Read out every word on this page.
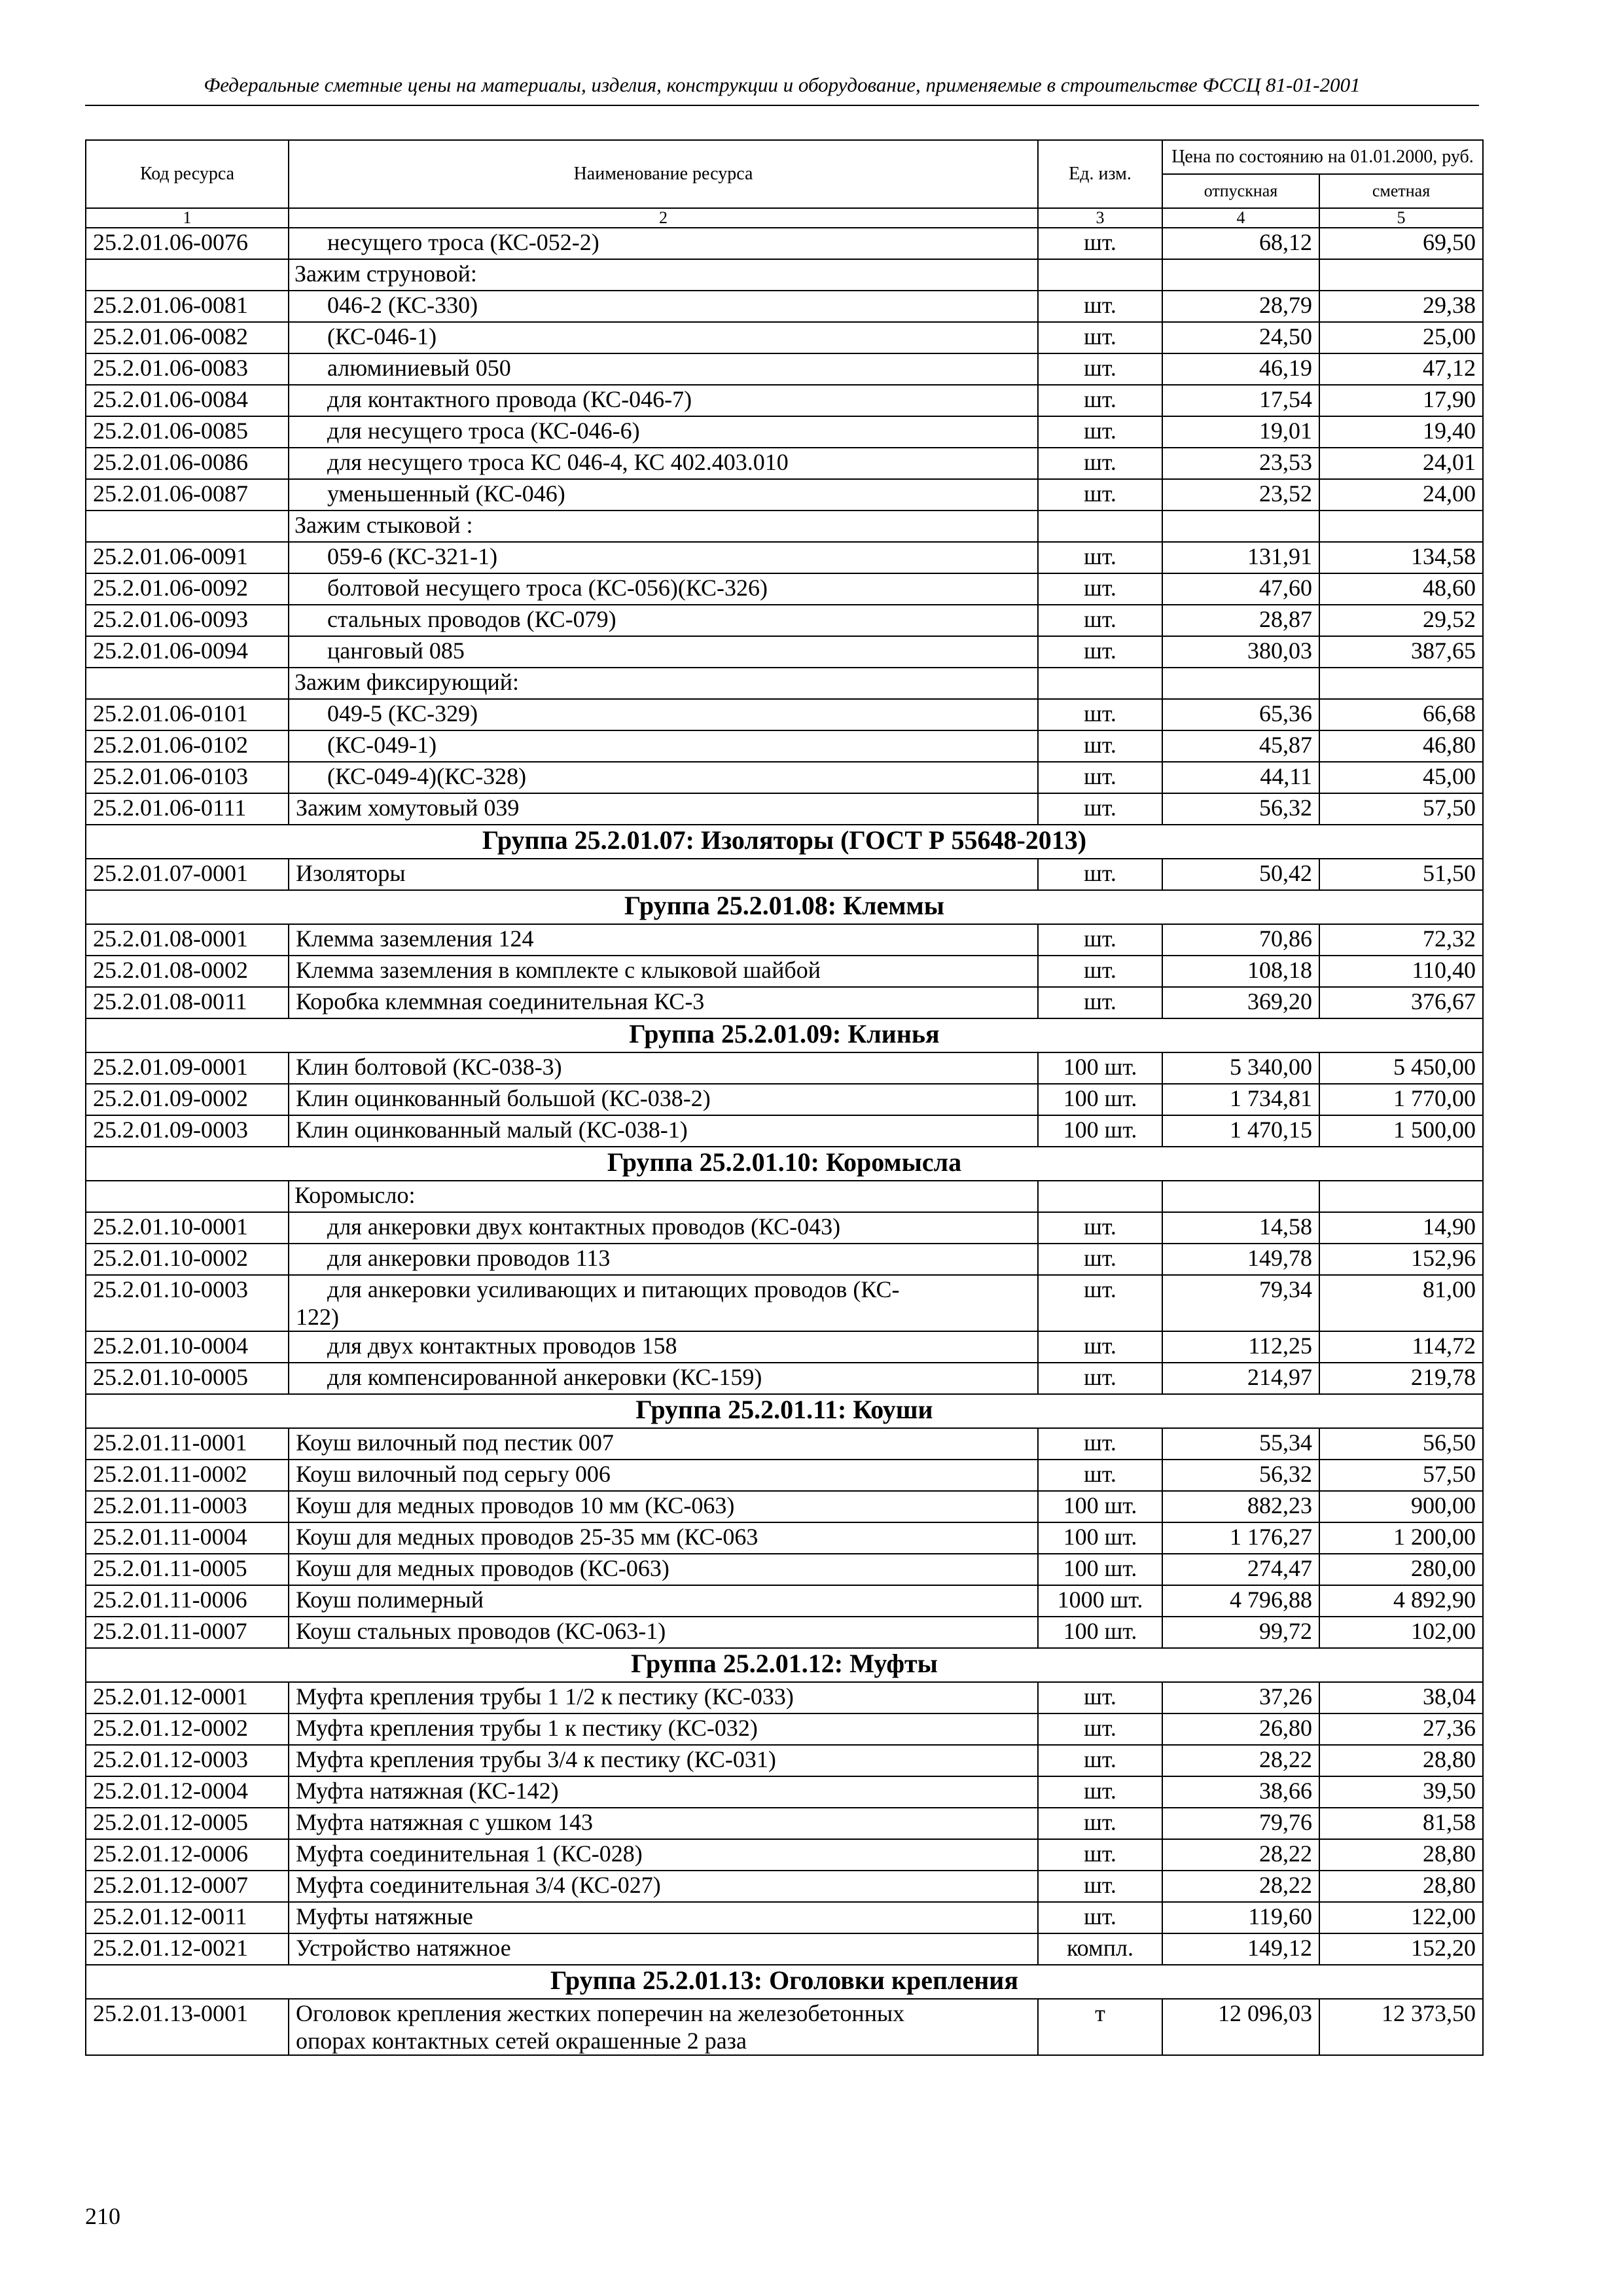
Федеральные сметные цены на материалы, изделия, конструкции и оборудование, применяемые в строительстве ФССЦ 81-01-2001
Код ресурса	Наименование ресурса	Ед. изм.	Цена по состоянию на 01.01.2000, руб.	
			отпускная	сметная
1	2	3	4	5
25.2.01.06-0076	несущего троса (КС-052-2)	шт.	68,12	69,50
	Зажим струновой:			
25.2.01.06-0081	046-2 (КС-330)	шт.	28,79	29,38
25.2.01.06-0082	(КС-046-1)	шт.	24,50	25,00
25.2.01.06-0083	алюминиевый 050	шт.	46,19	47,12
25.2.01.06-0084	для контактного провода (КС-046-7)	шт.	17,54	17,90
25.2.01.06-0085	для несущего троса (КС-046-6)	шт.	19,01	19,40
25.2.01.06-0086	для несущего троса КС 046-4, КС 402.403.010	шт.	23,53	24,01
25.2.01.06-0087	уменьшенный (КС-046)	шт.	23,52	24,00
	Зажим стыковой :			
25.2.01.06-0091	059-6 (КС-321-1)	шт.	131,91	134,58
25.2.01.06-0092	болтовой несущего троса (КС-056)(КС-326)	шт.	47,60	48,60
25.2.01.06-0093	стальных проводов (КС-079)	шт.	28,87	29,52
25.2.01.06-0094	цанговый 085	шт.	380,03	387,65
	Зажим фиксирующий:			
25.2.01.06-0101	049-5 (КС-329)	шт.	65,36	66,68
25.2.01.06-0102	(КС-049-1)	шт.	45,87	46,80
25.2.01.06-0103	(КС-049-4)(КС-328)	шт.	44,11	45,00
25.2.01.06-0111	Зажим хомутовый 039	шт.	56,32	57,50
Группа 25.2.01.07: Изоляторы (ГОСТ Р 55648-2013)				
25.2.01.07-0001	Изоляторы	шт.	50,42	51,50
Группа 25.2.01.08: Клеммы				
25.2.01.08-0001	Клемма заземления 124	шт.	70,86	72,32
25.2.01.08-0002	Клемма заземления в комплекте с клыковой шайбой	шт.	108,18	110,40
25.2.01.08-0011	Коробка клеммная соединительная КС-3	шт.	369,20	376,67
Группа 25.2.01.09: Клинья				
25.2.01.09-0001	Клин болтовой (КС-038-3)	100 шт.	5 340,00	5 450,00
25.2.01.09-0002	Клин оцинкованный большой (КС-038-2)	100 шт.	1 734,81	1 770,00
25.2.01.09-0003	Клин оцинкованный малый (КС-038-1)	100 шт.	1 470,15	1 500,00
Группа 25.2.01.10: Коромысла				
	Коромысло:			
25.2.01.10-0001	для анкеровки двух контактных проводов (КС-043)	шт.	14,58	14,90
25.2.01.10-0002	для анкеровки проводов 113	шт.	149,78	152,96
25.2.01.10-0003	для анкеровки усиливающих и питающих проводов (КС-
122)	шт.	79,34	81,00
25.2.01.10-0004	для двух контактных проводов 158	шт.	112,25	114,72
25.2.01.10-0005	для компенсированной анкеровки (КС-159)	шт.	214,97	219,78
Группа 25.2.01.11: Коуши				
25.2.01.11-0001	Коуш вилочный под пестик 007	шт.	55,34	56,50
25.2.01.11-0002	Коуш вилочный под серьгу 006	шт.	56,32	57,50
25.2.01.11-0003	Коуш для медных проводов 10 мм (КС-063)	100 шт.	882,23	900,00
25.2.01.11-0004	Коуш для медных проводов 25-35 мм (КС-063	100 шт.	1 176,27	1 200,00
25.2.01.11-0005	Коуш для медных проводов (КС-063)	100 шт.	274,47	280,00
25.2.01.11-0006	Коуш полимерный	1000 шт.	4 796,88	4 892,90
25.2.01.11-0007	Коуш стальных проводов (КС-063-1)	100 шт.	99,72	102,00
Группа 25.2.01.12: Муфты				
25.2.01.12-0001	Муфта крепления трубы 1 1/2 к пестику (КС-033)	шт.	37,26	38,04
25.2.01.12-0002	Муфта крепления трубы 1 к пестику (КС-032)	шт.	26,80	27,36
25.2.01.12-0003	Муфта крепления трубы 3/4 к пестику (КС-031)	шт.	28,22	28,80
25.2.01.12-0004	Муфта натяжная (КС-142)	шт.	38,66	39,50
25.2.01.12-0005	Муфта натяжная с ушком 143	шт.	79,76	81,58
25.2.01.12-0006	Муфта соединительная 1 (КС-028)	шт.	28,22	28,80
25.2.01.12-0007	Муфта соединительная 3/4 (КС-027)	шт.	28,22	28,80
25.2.01.12-0011	Муфты натяжные	шт.	119,60	122,00
25.2.01.12-0021	Устройство натяжное	компл.	149,12	152,20
Группа 25.2.01.13: Оголовки крепления				
25.2.01.13-0001	Оголовок крепления жестких поперечин на железобетонных
опорах контактных сетей окрашенные 2 раза	т	12 096,03	12 373,50
210
